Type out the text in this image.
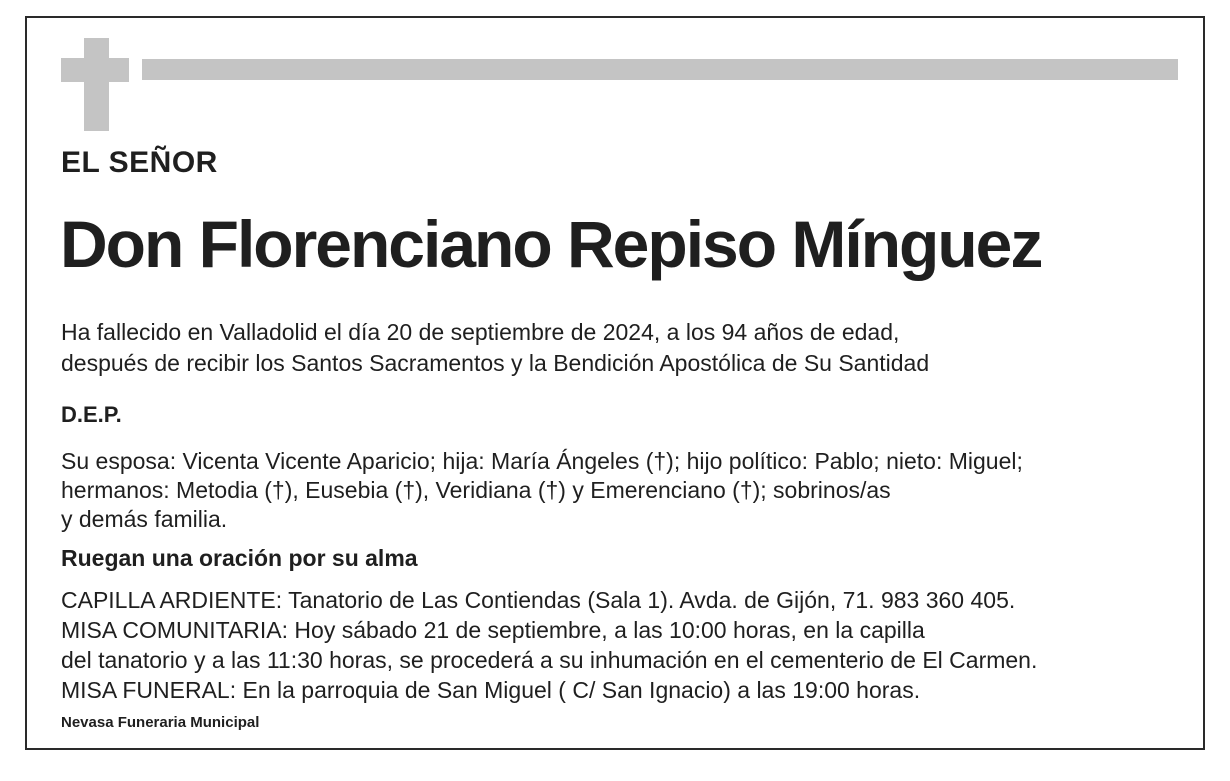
EL SEÑOR
Don Florenciano Repiso Mínguez
Ha fallecido en Valladolid el día 20 de septiembre de 2024, a los 94 años de edad,
después de recibir los Santos Sacramentos y la Bendición Apostólica de Su Santidad
D.E.P.
Su esposa: Vicenta Vicente Aparicio; hija: María Ángeles (†); hijo político: Pablo; nieto: Miguel;
hermanos: Metodia (†), Eusebia (†), Veridiana (†) y Emerenciano (†); sobrinos/as
y demás familia.
Ruegan una oración por su alma
CAPILLA ARDIENTE: Tanatorio de Las Contiendas (Sala 1). Avda. de Gijón, 71. 983 360 405.
MISA COMUNITARIA: Hoy sábado 21 de septiembre, a las 10:00 horas, en la capilla
del tanatorio y a las 11:30 horas, se procederá a su inhumación en el cementerio de El Carmen.
MISA FUNERAL: En la parroquia de San Miguel ( C/ San Ignacio) a las 19:00 horas.
Nevasa Funeraria Municipal
